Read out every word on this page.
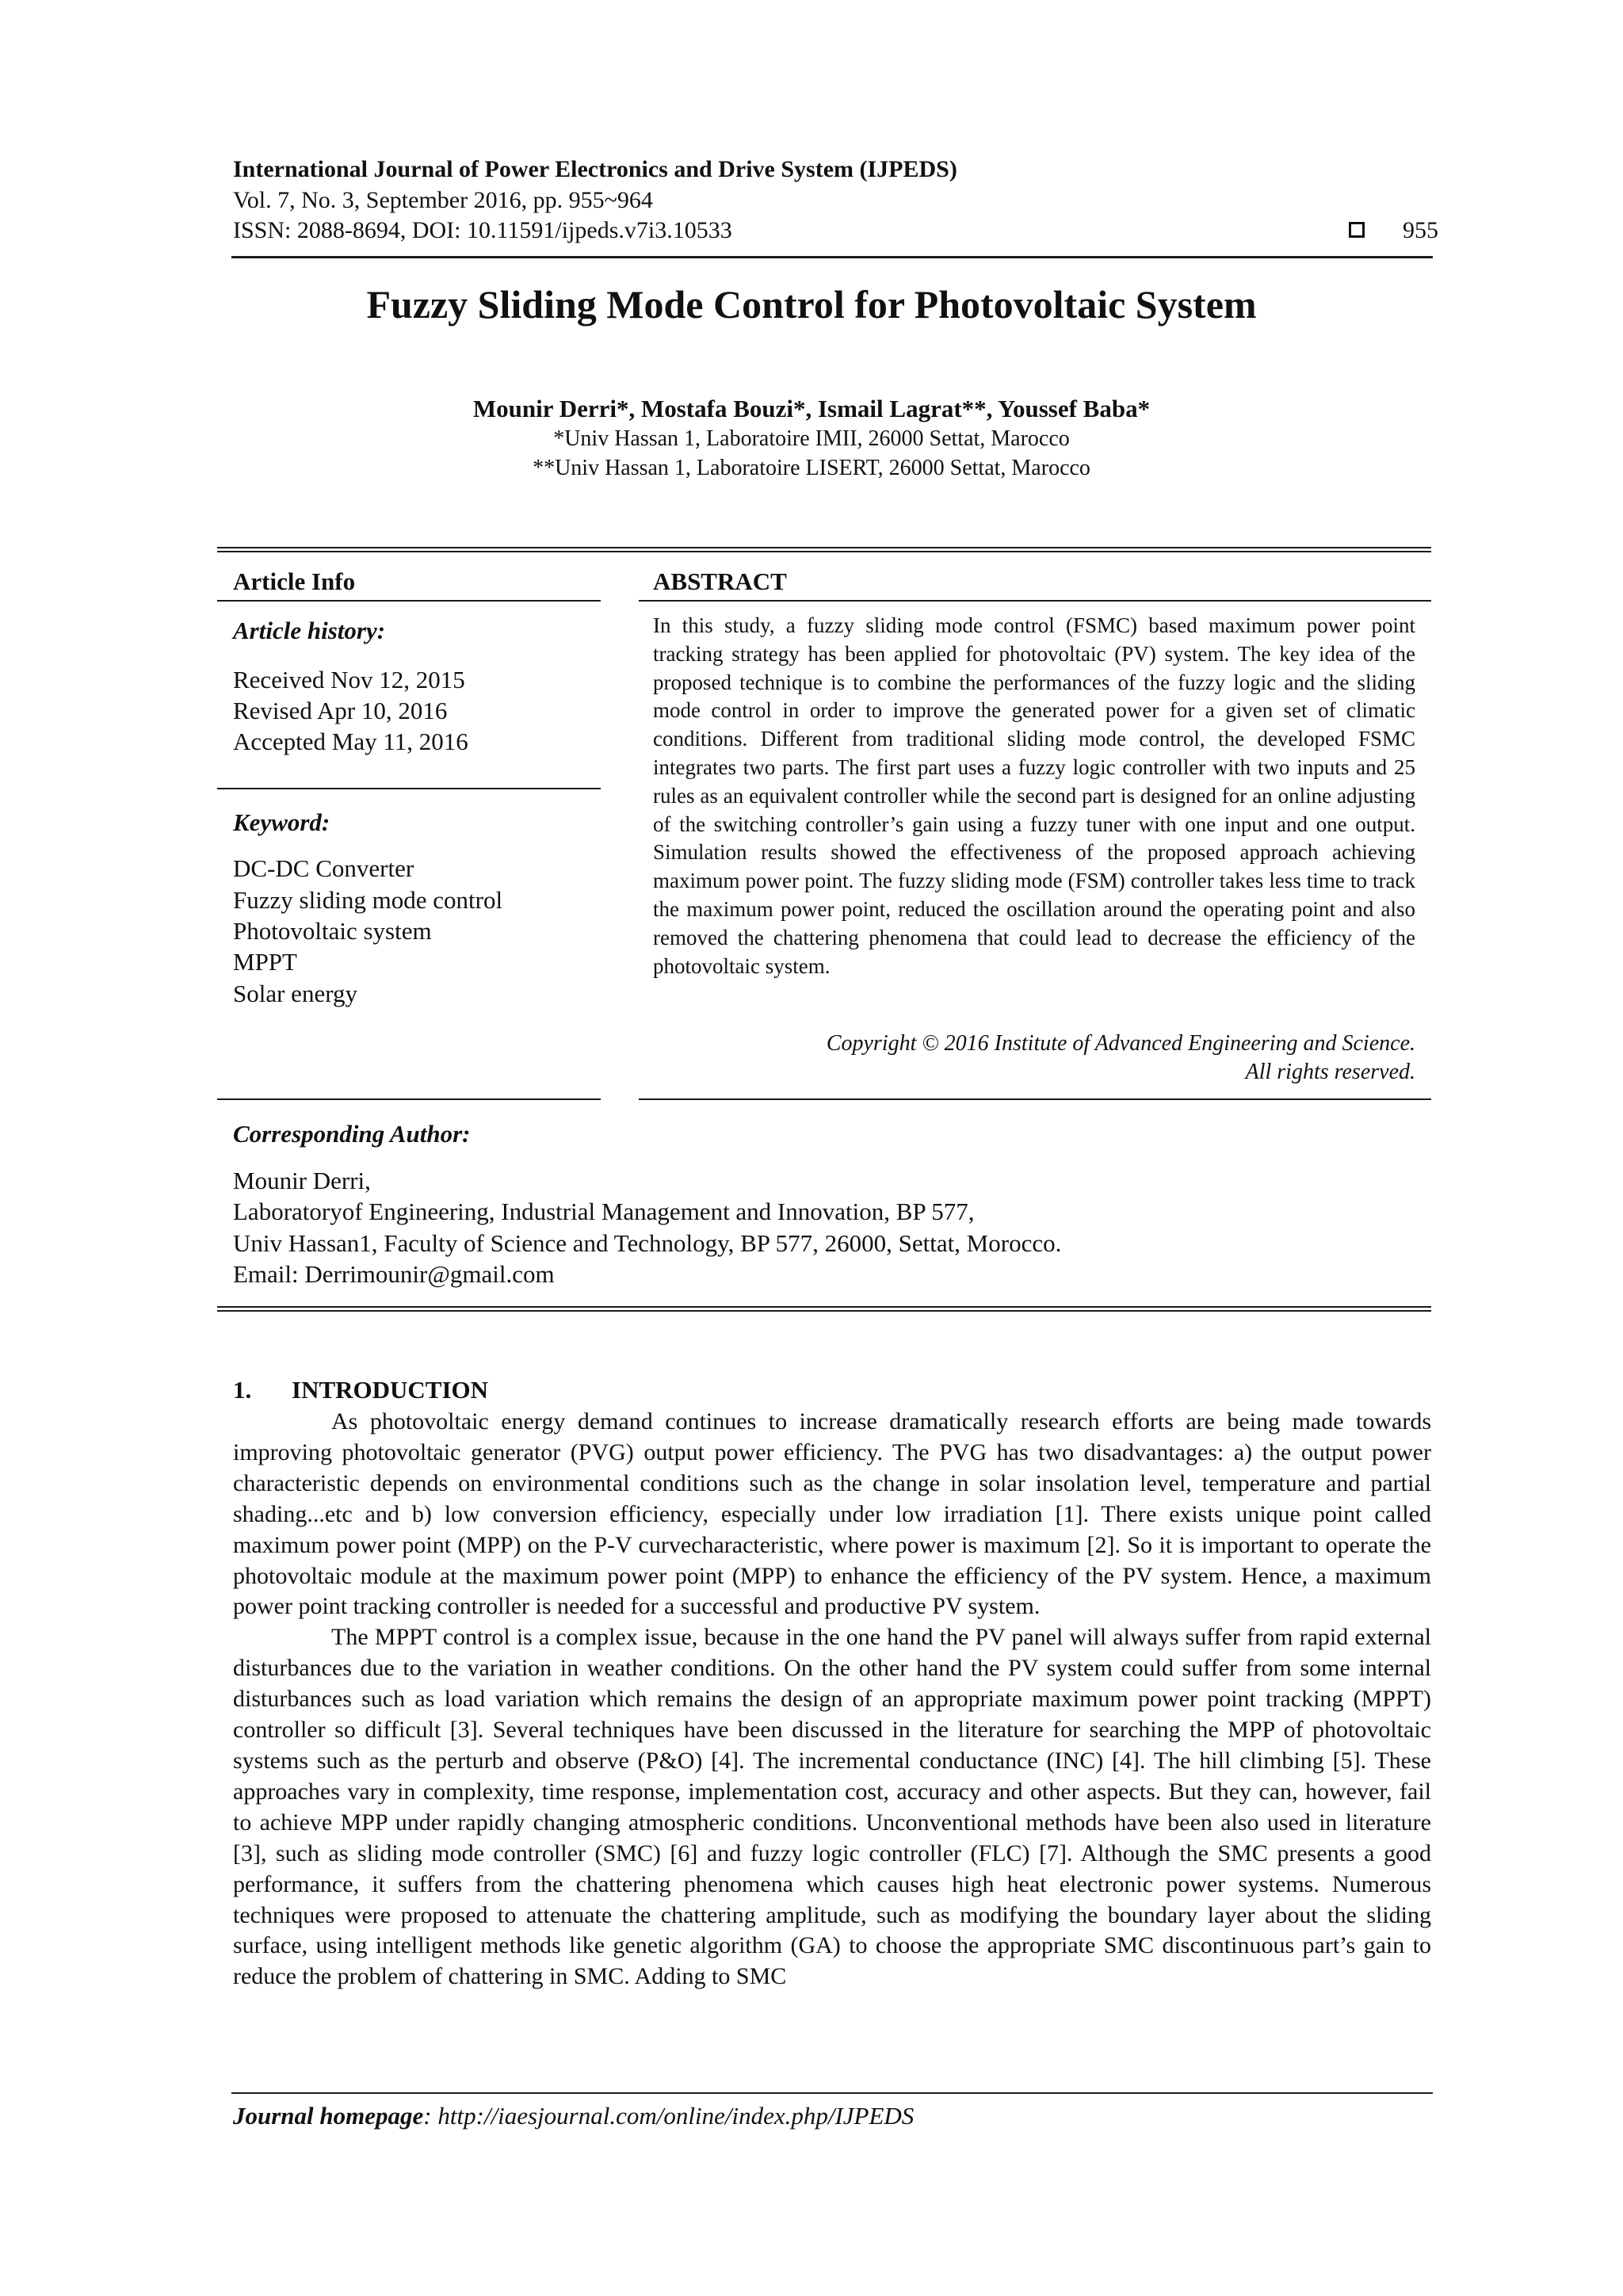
International Journal of Power Electronics and Drive System (IJPEDS)
Vol. 7, No. 3, September 2016, pp. 955~964
ISSN: 2088-8694, DOI: 10.11591/ijpeds.v7i3.10533	955
Fuzzy Sliding Mode Control for Photovoltaic System
Mounir Derri*, Mostafa Bouzi*, Ismail Lagrat**, Youssef Baba*
*Univ Hassan 1, Laboratoire IMII, 26000 Settat, Marocco
**Univ Hassan 1, Laboratoire LISERT, 26000 Settat, Marocco
Article Info
Article history:
Received Nov 12, 2015
Revised Apr 10, 2016
Accepted May 11, 2016
Keyword:
DC-DC Converter
Fuzzy sliding mode control
Photovoltaic system
MPPT
Solar energy
ABSTRACT
In this study, a fuzzy sliding mode control (FSMC) based maximum power point tracking strategy has been applied for photovoltaic (PV) system. The key idea of the proposed technique is to combine the performances of the fuzzy logic and the sliding mode control in order to improve the generated power for a given set of climatic conditions. Different from traditional sliding mode control, the developed FSMC integrates two parts. The first part uses a fuzzy logic controller with two inputs and 25 rules as an equivalent controller while the second part is designed for an online adjusting of the switching controller’s gain using a fuzzy tuner with one input and one output. Simulation results showed the effectiveness of the proposed approach achieving maximum power point. The fuzzy sliding mode (FSM) controller takes less time to track the maximum power point, reduced the oscillation around the operating point and also removed the chattering phenomena that could lead to decrease the efficiency of the photovoltaic system.
Copyright © 2016 Institute of Advanced Engineering and Science.
All rights reserved.
Corresponding Author:
Mounir Derri,
Laboratoryof Engineering, Industrial Management and Innovation, BP 577,
Univ Hassan1, Faculty of Science and Technology, BP 577, 26000, Settat, Morocco.
Email: Derrimounir@gmail.com
1. INTRODUCTION

As photovoltaic energy demand continues to increase dramatically research efforts are being made towards improving photovoltaic generator (PVG) output power efficiency. The PVG has two disadvantages: a) the output power characteristic depends on environmental conditions such as the change in solar insolation level, temperature and partial shading...etc and b) low conversion efficiency, especially under low irradiation [1]. There exists unique point called maximum power point (MPP) on the P-V curvecharacteristic, where power is maximum [2]. So it is important to operate the photovoltaic module at the maximum power point (MPP) to enhance the efficiency of the PV system. Hence, a maximum power point tracking controller is needed for a successful and productive PV system.

The MPPT control is a complex issue, because in the one hand the PV panel will always suffer from rapid external disturbances due to the variation in weather conditions. On the other hand the PV system could suffer from some internal disturbances such as load variation which remains the design of an appropriate maximum power point tracking (MPPT) controller so difficult [3]. Several techniques have been discussed in the literature for searching the MPP of photovoltaic systems such as the perturb and observe (P&O) [4]. The incremental conductance (INC) [4]. The hill climbing [5]. These approaches vary in complexity, time response, implementation cost, accuracy and other aspects. But they can, however, fail to achieve MPP under rapidly changing atmospheric conditions. Unconventional methods have been also used in literature [3], such as sliding mode controller (SMC) [6] and fuzzy logic controller (FLC) [7]. Although the SMC presents a good performance, it suffers from the chattering phenomena which causes high heat electronic power systems. Numerous techniques were proposed to attenuate the chattering amplitude, such as modifying the boundary layer about the sliding surface, using intelligent methods like genetic algorithm (GA) to choose the appropriate SMC discontinuous part’s gain to reduce the problem of chattering in SMC. Adding to SMC

Journal homepage: http://iaesjournal.com/online/index.php/IJPEDS
